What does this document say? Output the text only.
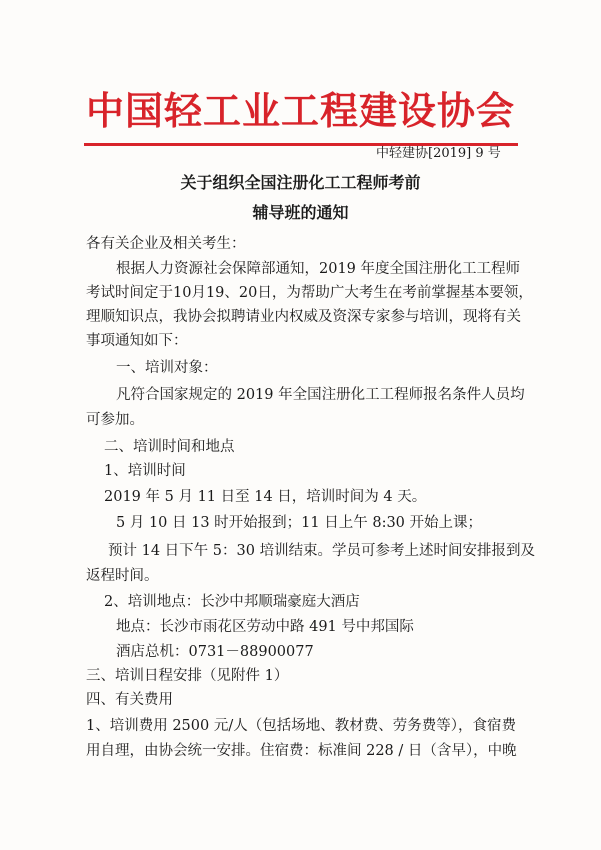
中国轻工业工程建设协会
中轻建协[2019] 9 号
关于组织全国注册化工工程师考前
辅导班的通知
各有关企业及相关考生：
根据人力资源社会保障部通知，2019 年度全国注册化工工程师
考试时间定于10月19、20日，为帮助广大考生在考前掌握基本要领，
理顺知识点，我协会拟聘请业内权威及资深专家参与培训，现将有关
事项通知如下：
一、培训对象：
凡符合国家规定的 2019 年全国注册化工工程师报名条件人员均
可参加。
二、培训时间和地点
1、培训时间
2019 年 5 月 11 日至 14 日，培训时间为 4 天。
5 月 10 日 13 时开始报到；11 日上午 8:30 开始上课；
预计 14 日下午 5：30 培训结束。学员可参考上述时间安排报到及
返程时间。
2、培训地点：长沙中邦顺瑞豪庭大酒店
地点：长沙市雨花区劳动中路 491 号中邦国际
酒店总机：0731－88900077
三、培训日程安排（见附件 1）
四、有关费用
1、培训费用 2500 元/人（包括场地、教材费、劳务费等），食宿费
用自理，由协会统一安排。住宿费：标准间 228 / 日（含早），中晚
